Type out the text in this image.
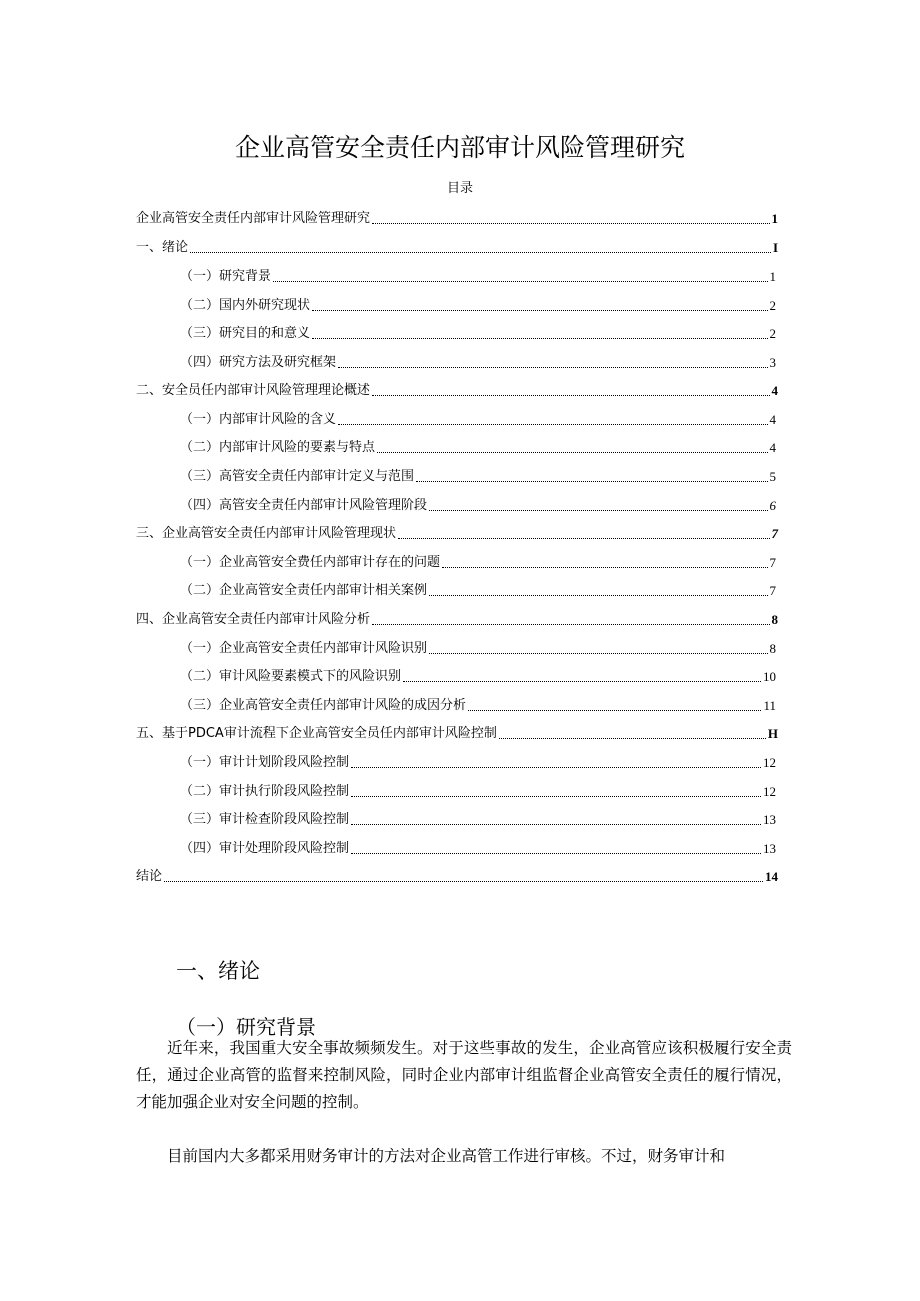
企业高管安全责任内部审计风险管理研究
目录
企业高管安全责任内部审计风险管理研究	1
一、绪论	I
（一）研究背景	1
（二）国内外研究现状	2
（三）研究目的和意义	2
（四）研究方法及研究框架	3
二、安全员任内部审计风险管理理论概述	4
（一）内部审计风险的含义	4
（二）内部审计风险的要素与特点	4
（三）高管安全责任内部审计定义与范围	5
（四）高管安全责任内部审计风险管理阶段	6
三、企业高管安全责任内部审计风险管理现状	7
（一）企业高管安全费任内部审计存在的问题	7
（二）企业高管安全责任内部审计相关案例	7
四、企业高管安全责任内部审计风险分析	8
（一）企业高管安全责任内部审计风险识别	8
（二）审计风险要素模式下的风险识别	10
（三）企业高管安全责任内部审计风险的成因分析	11
五、基于PDCA审计流程下企业高管安全员任内部审计风险控制	H
（一）审计计划阶段风险控制	12
（二）审计执行阶段风险控制	12
（三）审计检查阶段风险控制	13
（四）审计处理阶段风险控制	13
结论	14
一、绪论
（一）研究背景

近年来，我国重大安全事故频频发生。对于这些事故的发生，企业高管应该积极履行安全责任，通过企业高管的监督来控制风险，同时企业内部审计组监督企业高管安全责任的履行情况，才能加强企业对安全问题的控制。

目前国内大多都采用财务审计的方法对企业高管工作进行审核。不过，财务审计和
